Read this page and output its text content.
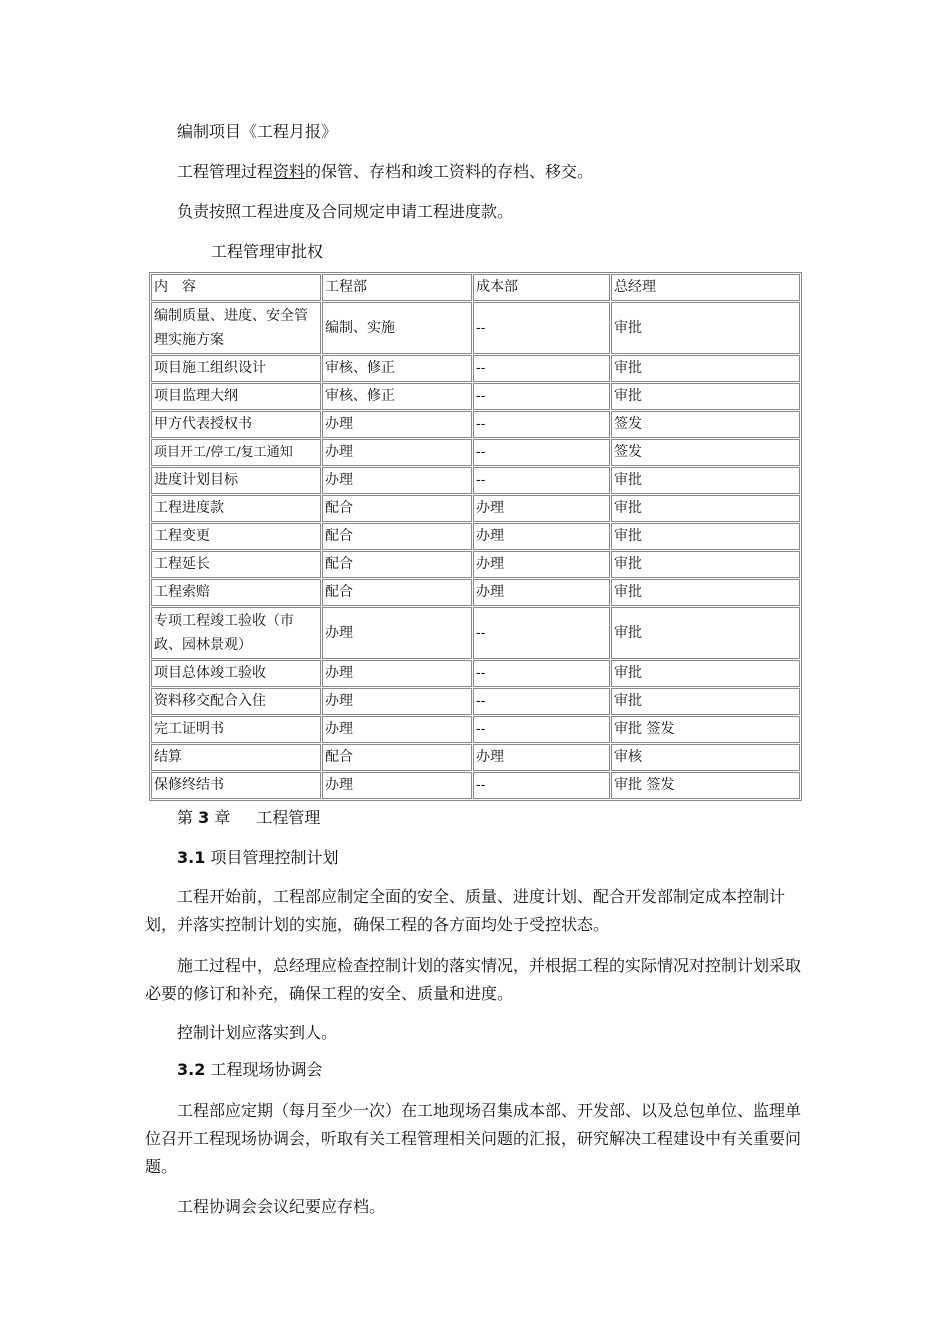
编制项目《工程月报》
工程管理过程资料的保管、存档和竣工资料的存档、移交。
负责按照工程进度及合同规定申请工程进度款。
工程管理审批权
内　容	工程部	成本部	总经理
编制质量、进度、安全管理实施方案	编制、实施	--	审批
项目施工组织设计	审核、修正	--	审批
项目监理大纲	审核、修正	--	审批
甲方代表授权书	办理	--	签发
项目开工/停工/复工通知	办理	--	签发
进度计划目标	办理	--	审批
工程进度款	配合	办理	审批
工程变更	配合	办理	审批
工程延长	配合	办理	审批
工程索赔	配合	办理	审批
专项工程竣工验收（市政、园林景观）	办理	--	审批
项目总体竣工验收	办理	--	审批
资料移交配合入住	办理	--	审批
完工证明书	办理	--	审批 签发
结算	配合	办理	审核
保修终结书	办理	--	审批 签发
第 3 章 工程管理
3.1 项目管理控制计划
工程开始前，工程部应制定全面的安全、质量、进度计划、配合开发部制定成本控制计划，并落实控制计划的实施，确保工程的各方面均处于受控状态。
施工过程中，总经理应检查控制计划的落实情况，并根据工程的实际情况对控制计划采取必要的修订和补充，确保工程的安全、质量和进度。
控制计划应落实到人。
3.2 工程现场协调会
工程部应定期（每月至少一次）在工地现场召集成本部、开发部、以及总包单位、监理单位召开工程现场协调会，听取有关工程管理相关问题的汇报，研究解决工程建设中有关重要问题。
工程协调会会议纪要应存档。
